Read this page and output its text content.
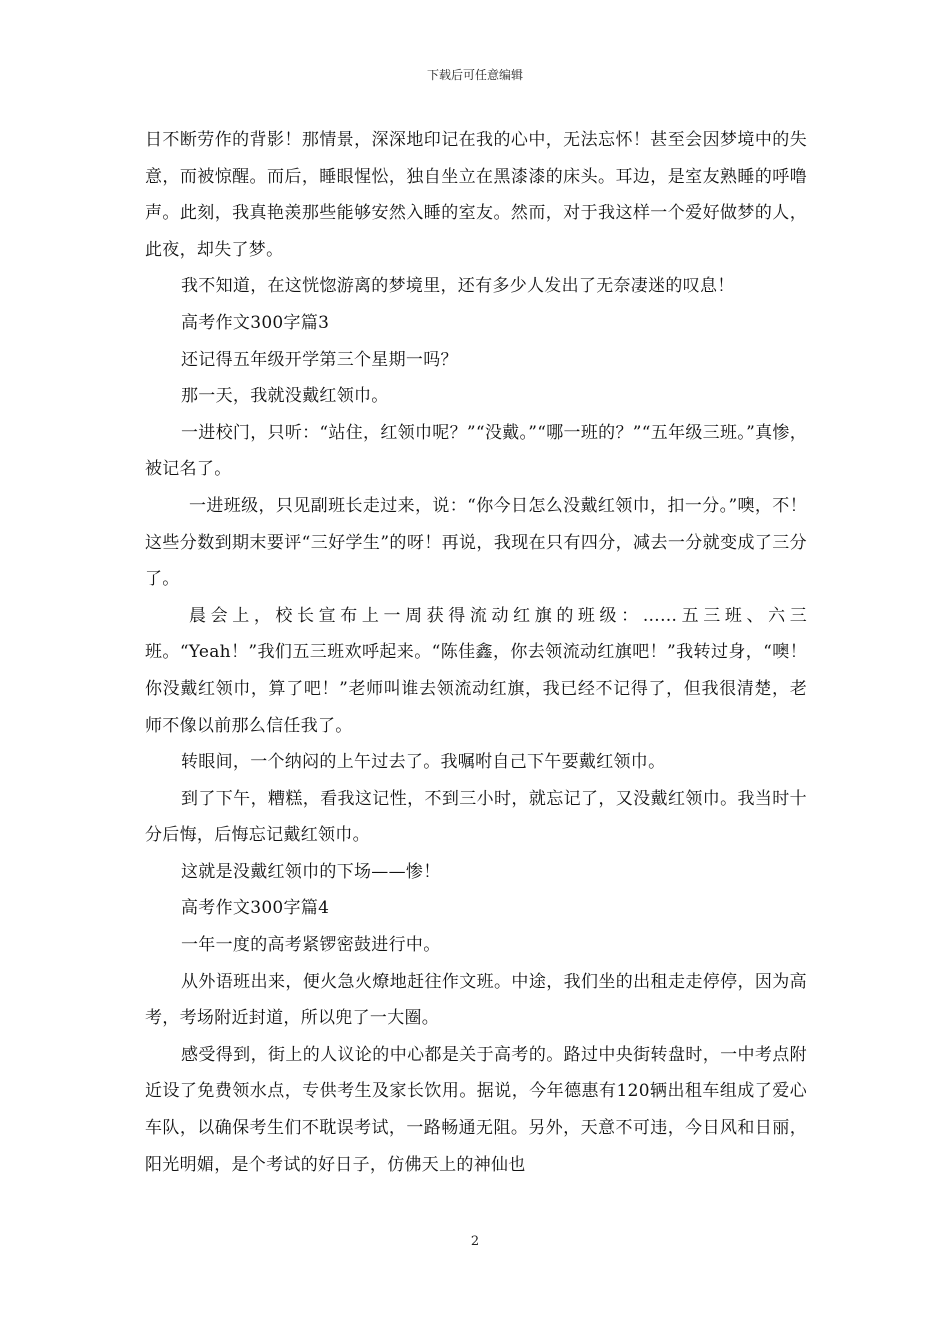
下载后可任意编辑

日不断劳作的背影！那情景，深深地印记在我的心中，无法忘怀！甚至会因梦境中的失意，而被惊醒。而后，睡眼惺忪，独自坐立在黑漆漆的床头。耳边，是室友熟睡的呼噜声。此刻，我真艳羡那些能够安然入睡的室友。然而，对于我这样一个爱好做梦的人，此夜，却失了梦。

我不知道，在这恍惚游离的梦境里，还有多少人发出了无奈凄迷的叹息！

高考作文300字篇3

还记得五年级开学第三个星期一吗？

那一天，我就没戴红领巾。

一进校门，只听：“站住，红领巾呢？”“没戴。”“哪一班的？”“五年级三班。”真惨，被记名了。

一进班级，只见副班长走过来，说：“你今日怎么没戴红领巾，扣一分。”噢，不！这些分数到期末要评“三好学生”的呀！再说，我现在只有四分，减去一分就变成了三分了。

晨会上，校长宣布上一周获得流动红旗的班级：……五三班、六三班。“Yeah！”我们五三班欢呼起来。“陈佳鑫，你去领流动红旗吧！”我转过身，“噢！你没戴红领巾，算了吧！”老师叫谁去领流动红旗，我已经不记得了，但我很清楚，老师不像以前那么信任我了。

转眼间，一个纳闷的上午过去了。我嘱咐自己下午要戴红领巾。

到了下午，糟糕，看我这记性，不到三小时，就忘记了，又没戴红领巾。我当时十分后悔，后悔忘记戴红领巾。

这就是没戴红领巾的下场——惨！

高考作文300字篇4

一年一度的高考紧锣密鼓进行中。

从外语班出来，便火急火燎地赶往作文班。中途，我们坐的出租走走停停，因为高考，考场附近封道，所以兜了一大圈。

感受得到，街上的人议论的中心都是关于高考的。路过中央街转盘时，一中考点附近设了免费领水点，专供考生及家长饮用。据说，今年德惠有120辆出租车组成了爱心车队，以确保考生们不耽误考试，一路畅通无阻。另外，天意不可违，今日风和日丽，阳光明媚，是个考试的好日子，仿佛天上的神仙也

2
